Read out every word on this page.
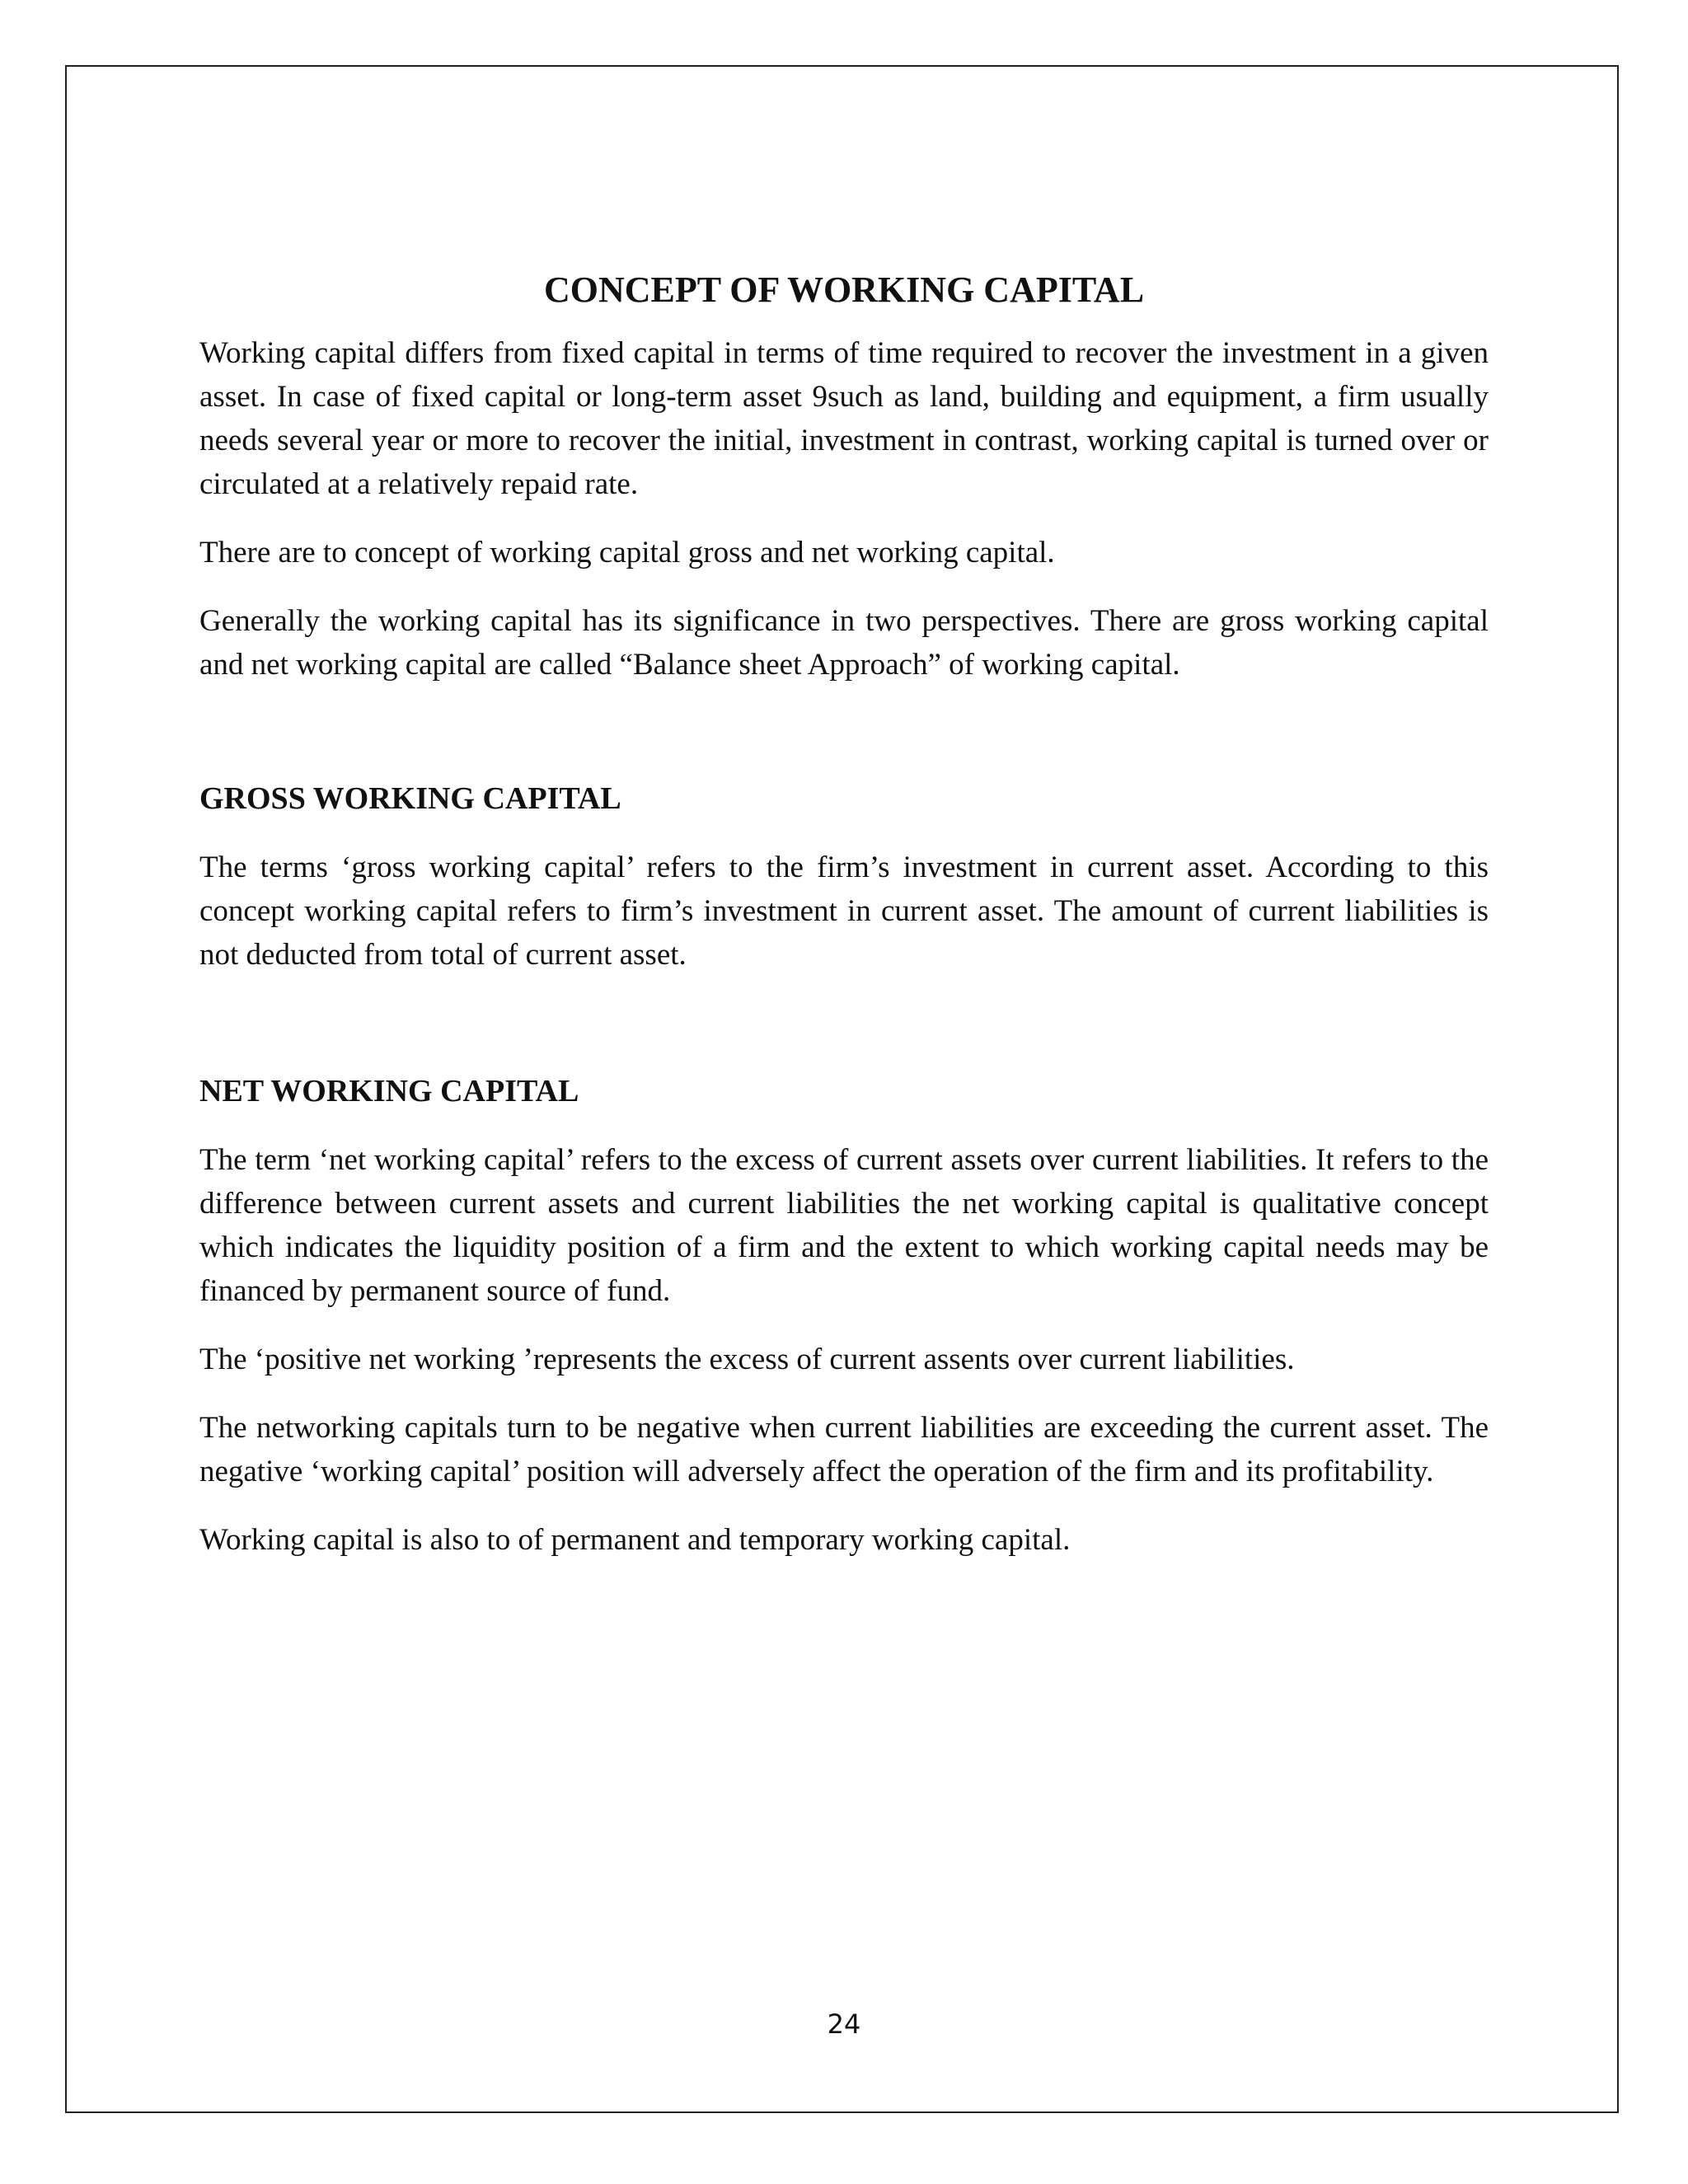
CONCEPT OF WORKING CAPITAL

Working capital differs from fixed capital in terms of time required to recover the investment in a given asset. In case of fixed capital or long-term asset 9such as land, building and equipment, a firm usually needs several year or more to recover the initial, investment in contrast, working capital is turned over or circulated at a relatively repaid rate.

There are to concept of working capital gross and net working capital.

Generally the working capital has its significance in two perspectives. There are gross working capital and net working capital are called “Balance sheet Approach” of working capital.

GROSS WORKING CAPITAL

The terms ‘gross working capital’ refers to the firm’s investment in current asset. According to this concept working capital refers to firm’s investment in current asset. The amount of current liabilities is not deducted from total of current asset.

NET WORKING CAPITAL

The term ‘net working capital’ refers to the excess of current assets over current liabilities. It refers to the difference between current assets and current liabilities the net working capital is qualitative concept which indicates the liquidity position of a firm and the extent to which working capital needs may be financed by permanent source of fund.

The ‘positive net working ’represents the excess of current assents over current liabilities.

The networking capitals turn to be negative when current liabilities are exceeding the current asset. The negative ‘working capital’ position will adversely affect the operation of the firm and its profitability.

Working capital is also to of permanent and temporary working capital.

24
